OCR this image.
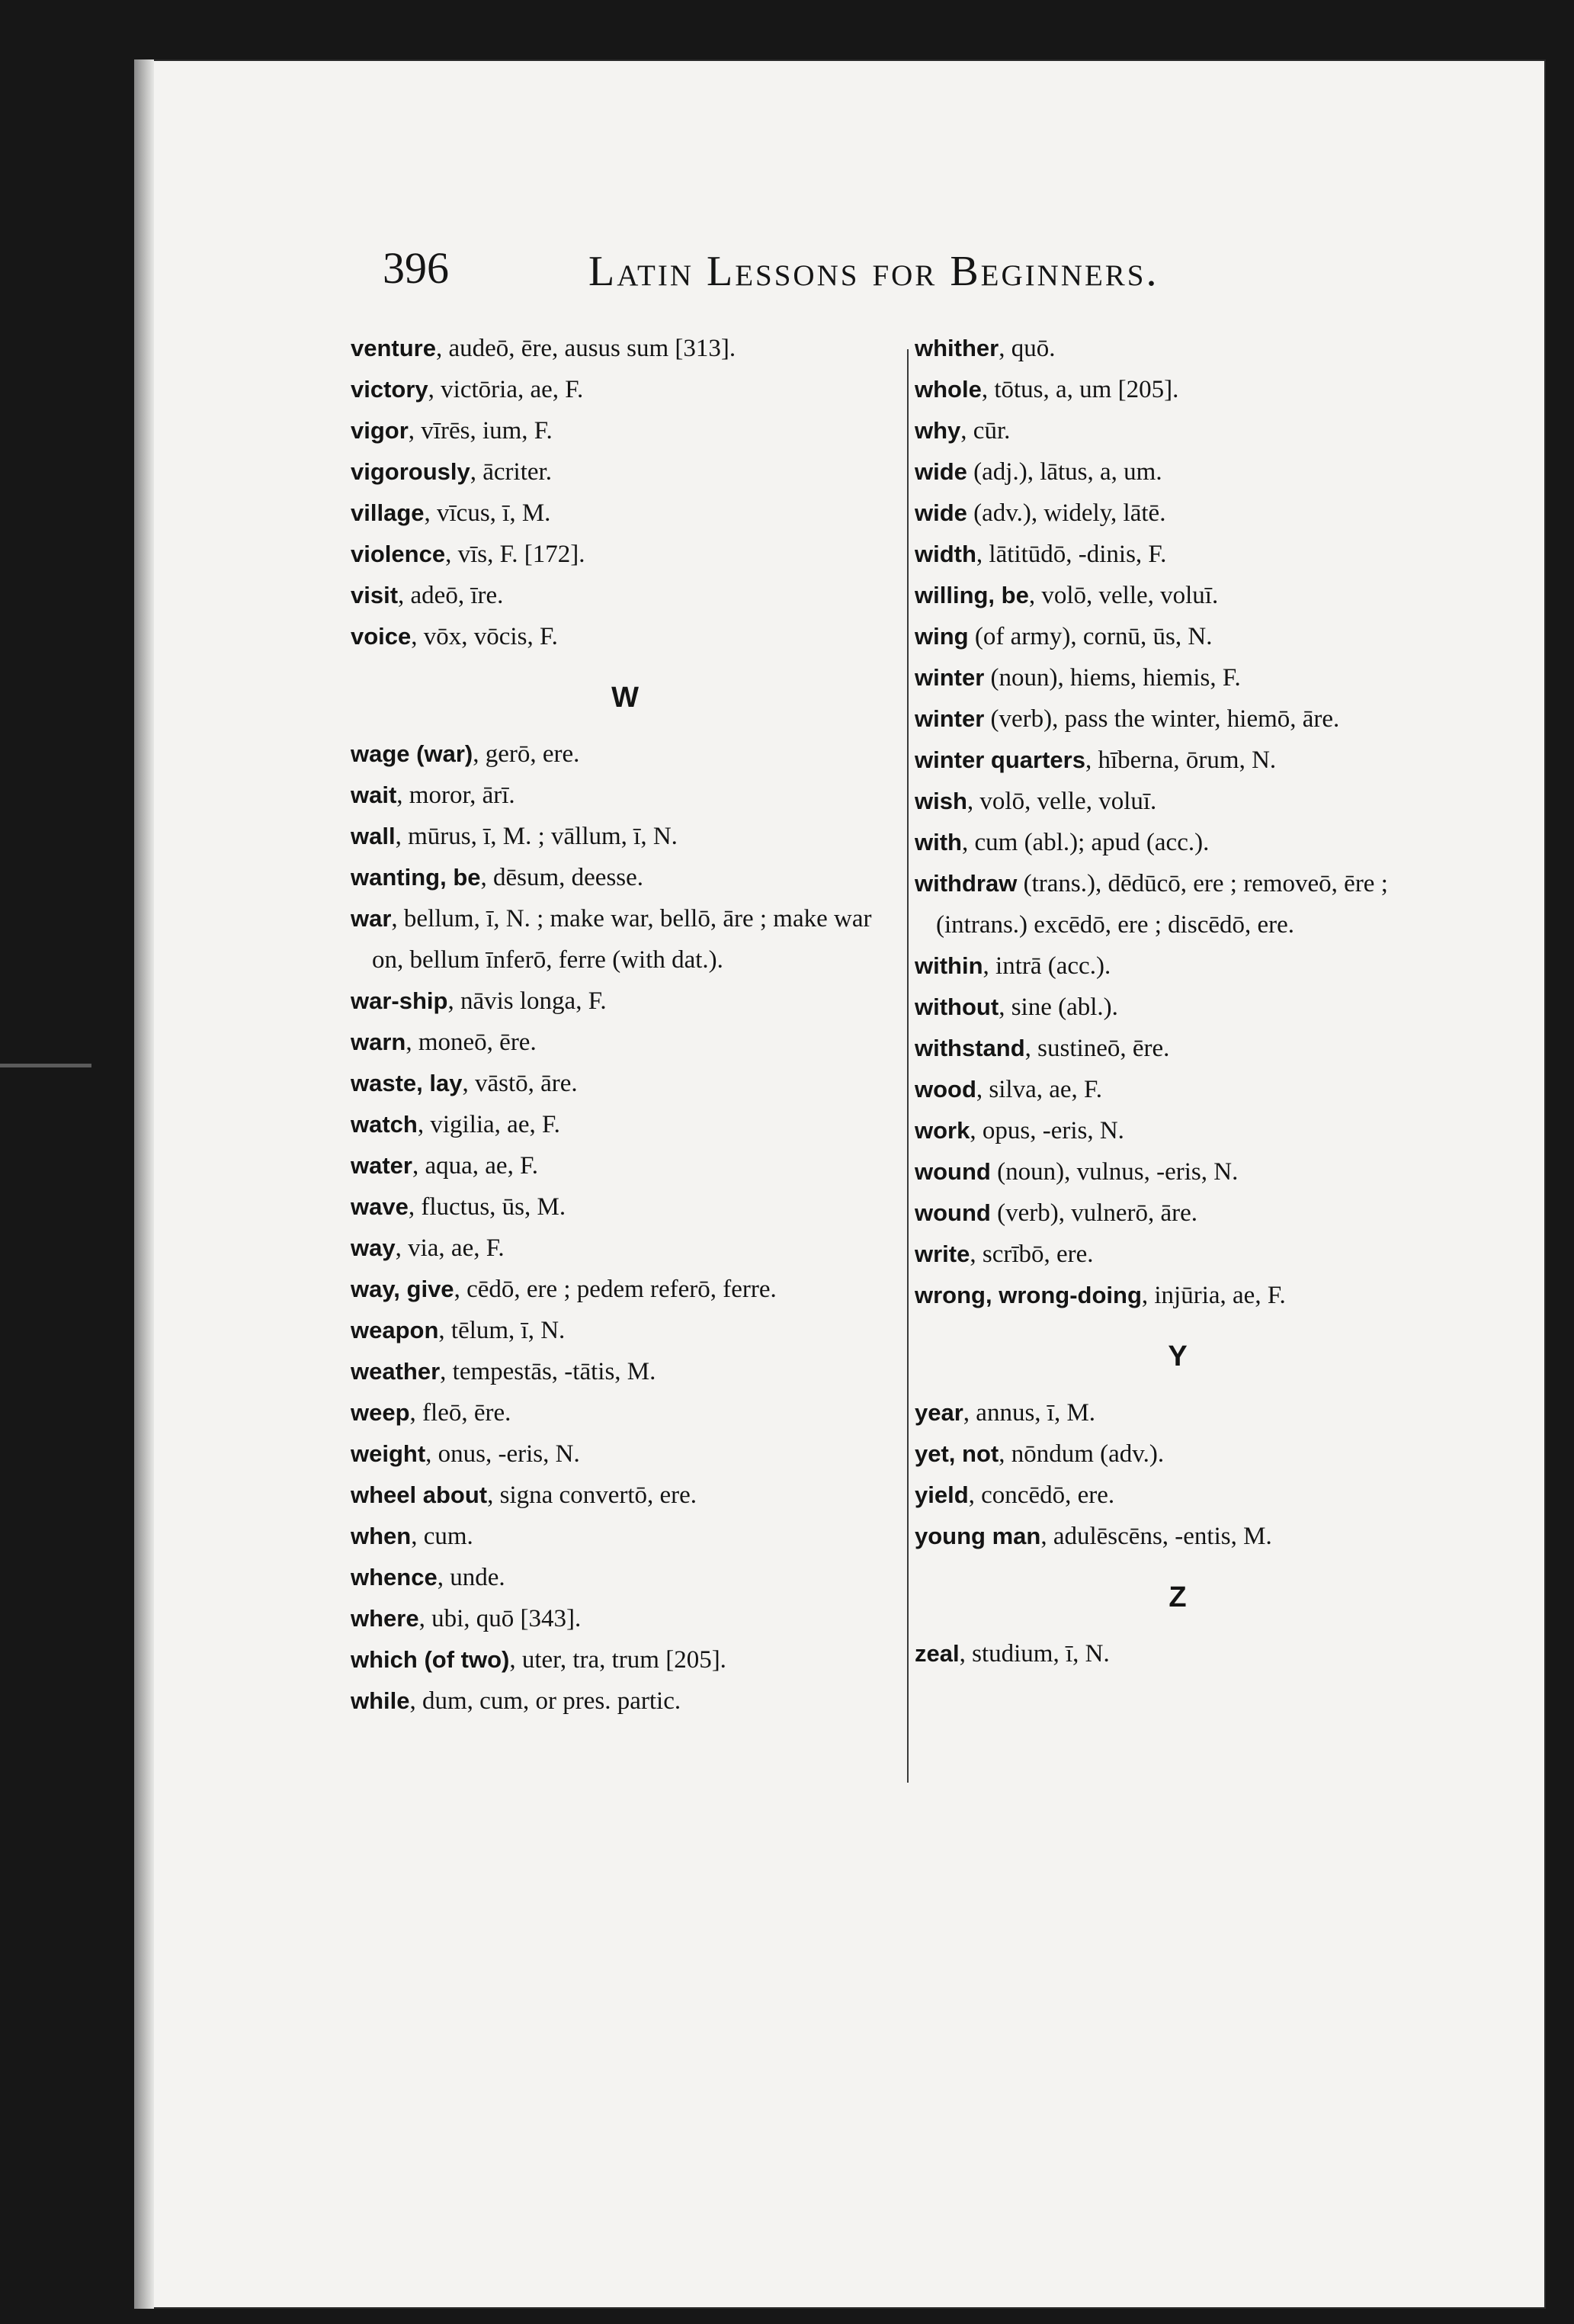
396	Latin Lessons for Beginners.
venture, audeō, ēre, ausus sum [313].
victory, victōria, ae, F.
vigor, vīrēs, ium, F.
vigorously, ācriter.
village, vīcus, ī, M.
violence, vīs, F. [172].
visit, adeō, īre.
voice, vōx, vōcis, F.
W
wage (war), gerō, ere.
wait, moror, ārī.
wall, mūrus, ī, M. ; vāllum, ī, N.
wanting, be, dēsum, deesse.
war, bellum, ī, N. ; make war, bellō, āre ; make war on, bellum īnferō, ferre (with dat.).
war-ship, nāvis longa, F.
warn, moneō, ēre.
waste, lay, vāstō, āre.
watch, vigilia, ae, F.
water, aqua, ae, F.
wave, fluctus, ūs, M.
way, via, ae, F.
way, give, cēdō, ere ; pedem referō, ferre.
weapon, tēlum, ī, N.
weather, tempestās, -tātis, M.
weep, fleō, ēre.
weight, onus, -eris, N.
wheel about, signa convertō, ere.
when, cum.
whence, unde.
where, ubi, quō [343].
which (of two), uter, tra, trum [205].
while, dum, cum, or pres. partic.
whither, quō.
whole, tōtus, a, um [205].
why, cūr.
wide (adj.), lātus, a, um.
wide (adv.), widely, lātē.
width, lātitūdō, -dinis, F.
willing, be, volō, velle, voluī.
wing (of army), cornū, ūs, N.
winter (noun), hiems, hiemis, F.
winter (verb), pass the winter, hiemō, āre.
winter quarters, hīberna, ōrum, N.
wish, volō, velle, voluī.
with, cum (abl.); apud (acc.).
withdraw (trans.), dēdūcō, ere ; removeō, ēre ; (intrans.) excēdō, ere ; discēdō, ere.
within, intrā (acc.).
without, sine (abl.).
withstand, sustineō, ēre.
wood, silva, ae, F.
work, opus, -eris, N.
wound (noun), vulnus, -eris, N.
wound (verb), vulnerō, āre.
write, scrībō, ere.
wrong, wrong-doing, injūria, ae, F.
Y
year, annus, ī, M.
yet, not, nōndum (adv.).
yield, concēdō, ere.
young man, adulēscēns, -entis, M.
Z
zeal, studium, ī, N.
